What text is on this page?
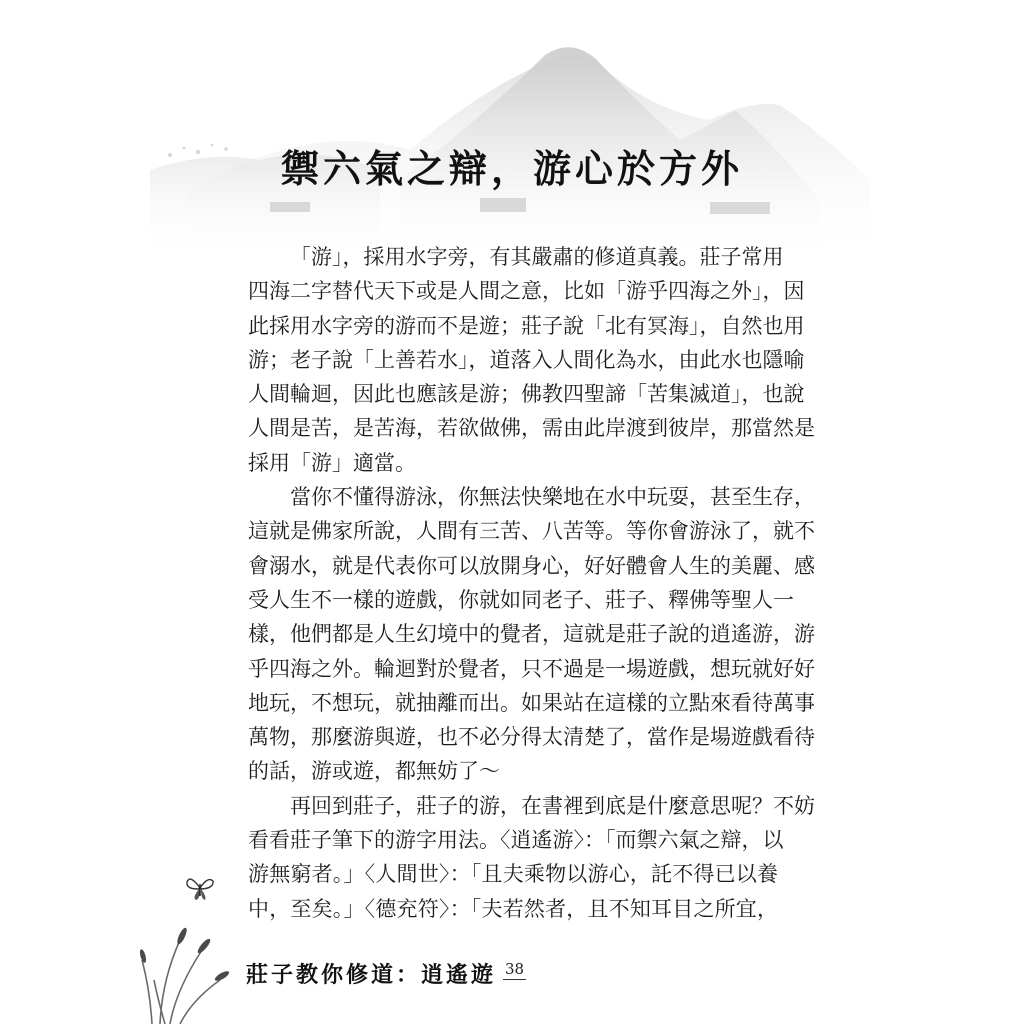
禦六氣之辯，游心於方外
「游」，採用水字旁，有其嚴肅的修道真義。莊子常用
四海二字替代天下或是人間之意，比如「游乎四海之外」，因
此採用水字旁的游而不是遊；莊子說「北有冥海」，自然也用
游；老子說「上善若水」，道落入人間化為水，由此水也隱喻
人間輪迴，因此也應該是游；佛教四聖諦「苦集滅道」，也說
人間是苦，是苦海，若欲做佛，需由此岸渡到彼岸，那當然是
採用「游」適當。
當你不懂得游泳，你無法快樂地在水中玩耍，甚至生存，
這就是佛家所說，人間有三苦、八苦等。等你會游泳了，就不
會溺水，就是代表你可以放開身心，好好體會人生的美麗、感
受人生不一樣的遊戲，你就如同老子、莊子、釋佛等聖人一
樣，他們都是人生幻境中的覺者，這就是莊子說的逍遙游，游
乎四海之外。輪迴對於覺者，只不過是一場遊戲，想玩就好好
地玩，不想玩，就抽離而出。如果站在這樣的立點來看待萬事
萬物，那麼游與遊，也不必分得太清楚了，當作是場遊戲看待
的話，游或遊，都無妨了～
再回到莊子，莊子的游，在書裡到底是什麼意思呢？不妨
看看莊子筆下的游字用法。〈逍遙游〉：「而禦六氣之辯，以
游無窮者。」〈人間世〉：「且夫乘物以游心，託不得已以養
中，至矣。」〈德充符〉：「夫若然者，且不知耳目之所宜，
莊子教你修道：逍遙遊 38
